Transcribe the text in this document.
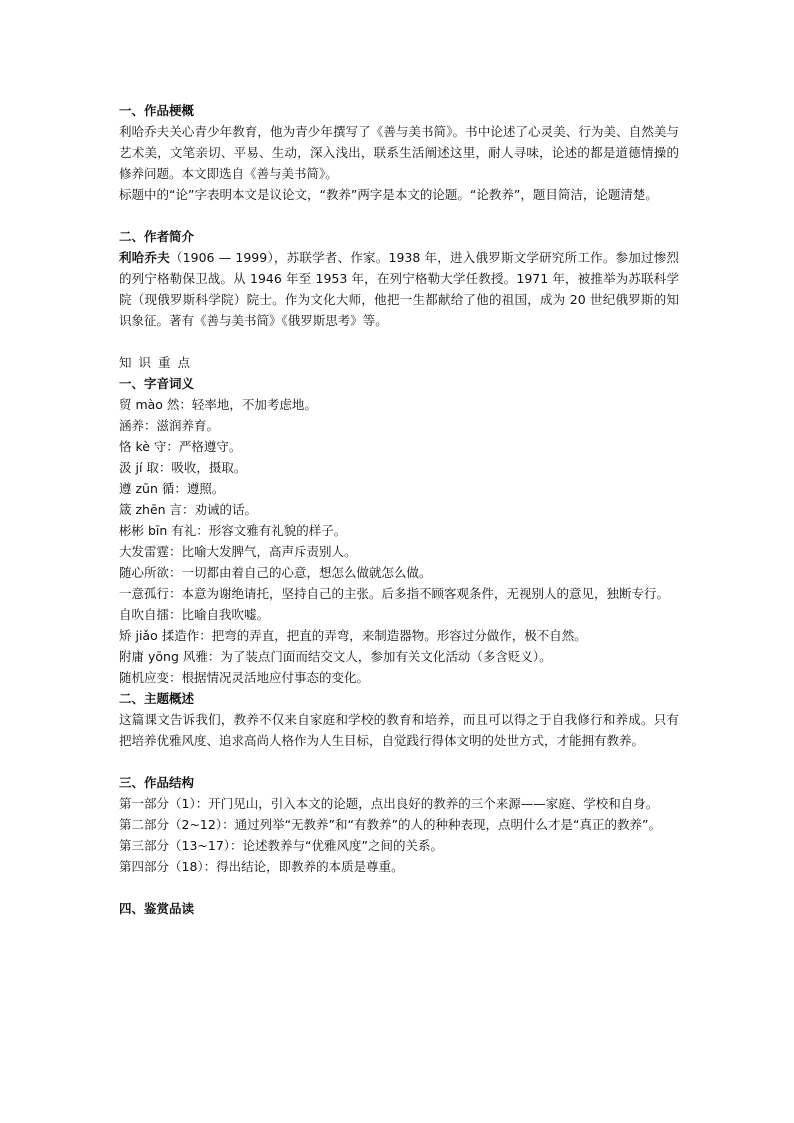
一、作品梗概

利哈乔夫关心青少年教育，他为青少年撰写了《善与美书简》。书中论述了心灵美、行为美、自然美与艺术美，文笔亲切、平易、生动，深入浅出，联系生活阐述这里，耐人寻味，论述的都是道德情操的修养问题。本文即选自《善与美书简》。

标题中的“论”字表明本文是议论文，“教养”两字是本文的论题。“论教养”，题目简洁，论题清楚。

二、作者简介

利哈乔夫（1906 — 1999），苏联学者、作家。1938 年，进入俄罗斯文学研究所工作。参加过惨烈的列宁格勒保卫战。从 1946 年至 1953 年，在列宁格勒大学任教授。1971 年，被推举为苏联科学院（现俄罗斯科学院）院士。作为文化大师，他把一生都献给了他的祖国，成为 20 世纪俄罗斯的知识象征。著有《善与美书简》《俄罗斯思考》等。

知识重点

一、字音词义

贸 mào 然：轻率地，不加考虑地。

涵养：滋润养育。

恪 kè 守：严格遵守。

汲 jí 取：吸收，摄取。

遵 zūn 循：遵照。

箴 zhēn 言：劝诫的话。

彬彬 bīn 有礼：形容文雅有礼貌的样子。

大发雷霆：比喻大发脾气，高声斥责别人。

随心所欲：一切都由着自己的心意，想怎么做就怎么做。

一意孤行：本意为谢绝请托，坚持自己的主张。后多指不顾客观条件，无视别人的意见，独断专行。

自吹自擂：比喻自我吹嘘。

矫 jiǎo 揉造作：把弯的弄直，把直的弄弯，来制造器物。形容过分做作，极不自然。

附庸 yōng 风雅：为了装点门面而结交文人，参加有关文化活动（多含贬义）。

随机应变：根据情况灵活地应付事态的变化。

二、主题概述

这篇课文告诉我们，教养不仅来自家庭和学校的教育和培养，而且可以得之于自我修行和养成。只有把培养优雅风度、追求高尚人格作为人生目标，自觉践行得体文明的处世方式，才能拥有教养。

三、作品结构

第一部分（1）：开门见山，引入本文的论题，点出良好的教养的三个来源——家庭、学校和自身。

第二部分（2~12）：通过列举“无教养”和“有教养”的人的种种表现，点明什么才是“真正的教养”。

第三部分（13~17）：论述教养与“优雅风度”之间的关系。

第四部分（18）：得出结论，即教养的本质是尊重。

四、鉴赏品读
